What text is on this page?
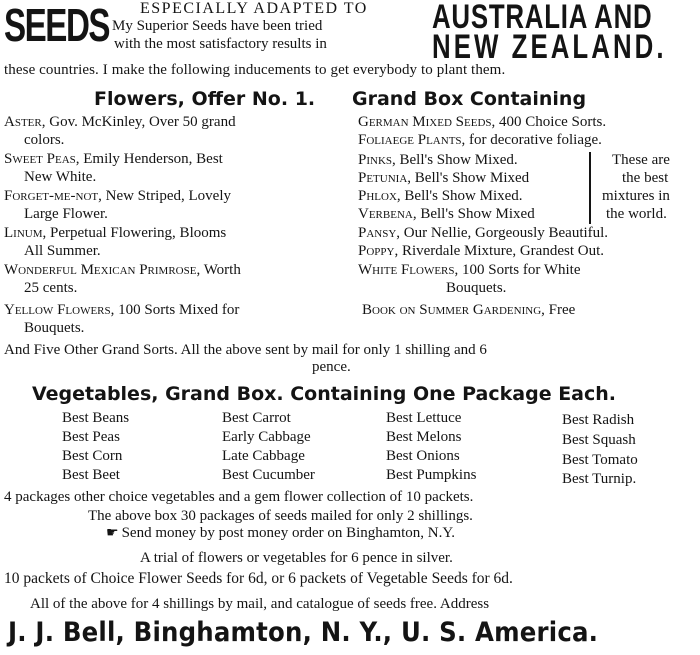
SEEDS ESPECIALLY ADAPTED TO
My Superior Seeds have been tried
with the most satisfactory results in
AUSTRALIA AND
NEW ZEALAND.
these countries. I make the following inducements to get everybody to plant them.
Flowers, Offer No. 1. Grand Box Containing
Aster, Gov. McKinley, Over 50 grand
colors.
Sweet Peas, Emily Henderson, Best
New White.
Forget-me-not, New Striped, Lovely
Large Flower.
Linum, Perpetual Flowering, Blooms
All Summer.
Wonderful Mexican Primrose, Worth
25 cents.
Yellow Flowers, 100 Sorts Mixed for
Bouquets.
German Mixed Seeds, 400 Choice Sorts.
Foliaege Plants, for decorative foliage.
Pinks, Bell's Show Mixed.
Petunia, Bell's Show Mixed
Phlox, Bell's Show Mixed.
Verbena, Bell's Show Mixed
These are
the best
mixtures in
the world.
Pansy, Our Nellie, Gorgeously Beautiful.
Poppy, Riverdale Mixture, Grandest Out.
White Flowers, 100 Sorts for White
Bouquets.
Book on Summer Gardening, Free
And Five Other Grand Sorts. All the above sent by mail for only 1 shilling and 6
pence.
Vegetables, Grand Box. Containing One Package Each.
Best Beans
Best Peas
Best Corn
Best Beet
Best Carrot
Early Cabbage
Late Cabbage
Best Cucumber
Best Lettuce
Best Melons
Best Onions
Best Pumpkins
Best Radish
Best Squash
Best Tomato
Best Turnip.
4 packages other choice vegetables and a gem flower collection of 10 packets.
The above box 30 packages of seeds mailed for only 2 shillings.
☛ Send money by post money order on Binghamton, N.Y.
A trial of flowers or vegetables for 6 pence in silver.
10 packets of Choice Flower Seeds for 6d, or 6 packets of Vegetable Seeds for 6d.
All of the above for 4 shillings by mail, and catalogue of seeds free. Address
J. J. Bell, Binghamton, N. Y., U. S. America.
